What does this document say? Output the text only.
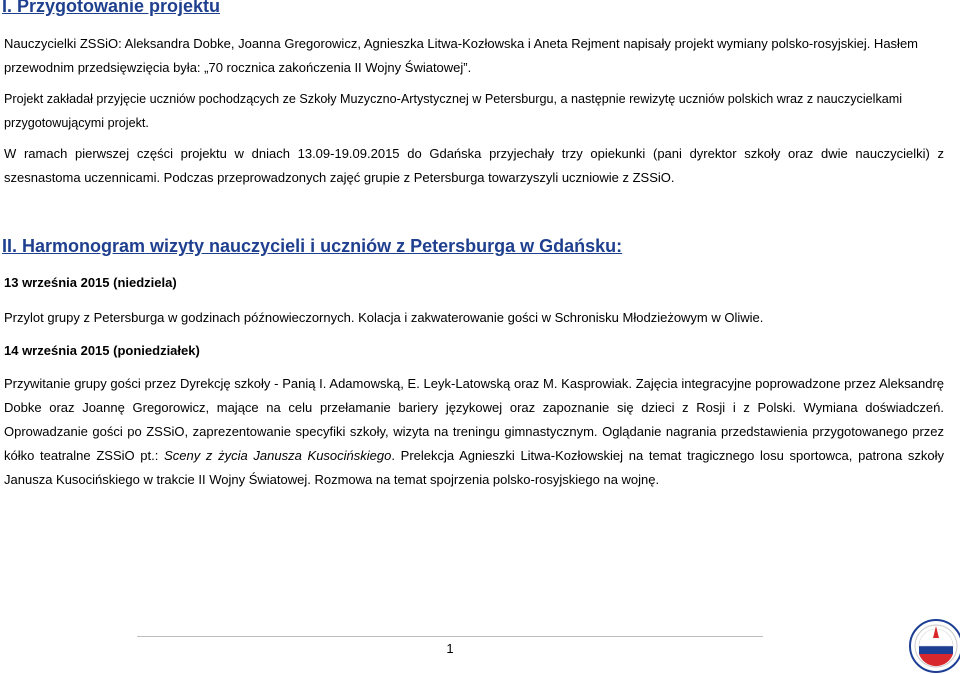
I. Przygotowanie projektu

Nauczycielki ZSSiO: Aleksandra Dobke, Joanna Gregorowicz, Agnieszka Litwa-Kozłowska i Aneta Rejment napisały projekt wymiany polsko-rosyjskiej. Hasłem przewodnim przedsięwzięcia była: „70 rocznica zakończenia II Wojny Światowej”.

Projekt zakładał przyjęcie uczniów pochodzących ze Szkoły Muzyczno-Artystycznej w Petersburgu, a następnie rewizytę uczniów polskich wraz z nauczycielkami przygotowującymi projekt.

W ramach pierwszej części projektu w dniach 13.09-19.09.2015 do Gdańska przyjechały trzy opiekunki (pani dyrektor szkoły oraz dwie nauczycielki) z szesnastoma uczennicami. Podczas przeprowadzonych zajęć grupie z Petersburga towarzyszyli uczniowie z ZSSiO.

II. Harmonogram wizyty nauczycieli i uczniów z Petersburga w Gdańsku:
13 września 2015 (niedziela)

Przylot grupy z Petersburga w godzinach późnowieczornych. Kolacja i zakwaterowanie gości w Schronisku Młodzieżowym w Oliwie.

14 września 2015 (poniedziałek)

Przywitanie grupy gości przez Dyrekcję szkoły - Panią I. Adamowską, E. Leyk-Latowską oraz M. Kasprowiak. Zajęcia integracyjne poprowadzone przez Aleksandrę Dobke oraz Joannę Gregorowicz, mające na celu przełamanie bariery językowej oraz zapoznanie się dzieci z Rosji i z Polski. Wymiana doświadczeń. Oprowadzanie gości po ZSSiO, zaprezentowanie specyfiki szkoły, wizyta na treningu gimnastycznym. Oglądanie nagrania przedstawienia przygotowanego przez kółko teatralne ZSSiO pt.: Sceny z życia Janusza Kusocińskiego. Prelekcja Agnieszki Litwa-Kozłowskiej na temat tragicznego losu sportowca, patrona szkoły Janusza Kusocińskiego w trakcie II Wojny Światowej. Rozmowa na temat spojrzenia polsko-rosyjskiego na wojnę.

1
